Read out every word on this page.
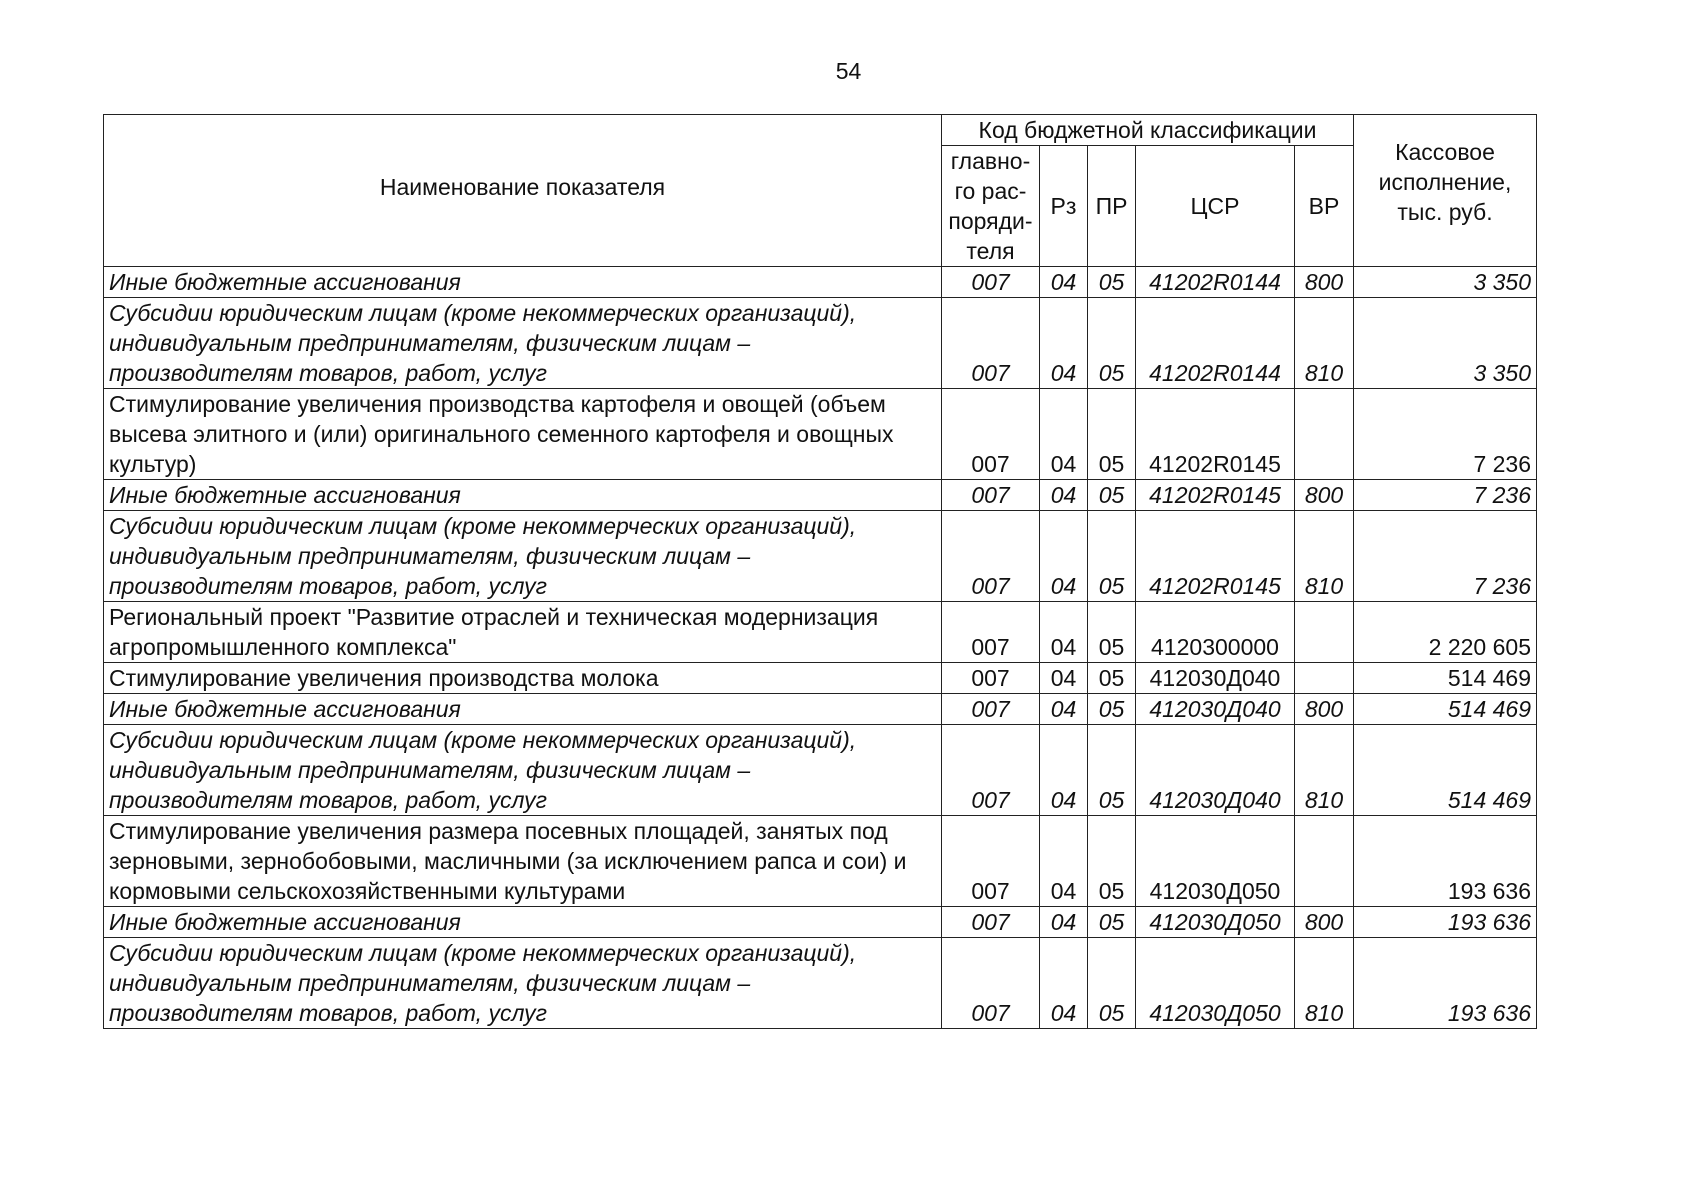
54
Наименование показателя	Код бюджетной классификации					Кассовое исполнение, тыс. руб.
	главно-го рас-поряди-теля	Рз	ПР	ЦСР	ВР	
Иные бюджетные ассигнования	007	04	05	41202R0144	800	3 350
Субсидии юридическим лицам (кроме некоммерческих организаций), индивидуальным предпринимателям, физическим лицам – производителям товаров, работ, услуг	007	04	05	41202R0144	810	3 350
Стимулирование увеличения производства картофеля и овощей (объем высева элитного и (или) оригинального семенного картофеля и овощных культур)	007	04	05	41202R0145		7 236
Иные бюджетные ассигнования	007	04	05	41202R0145	800	7 236
Субсидии юридическим лицам (кроме некоммерческих организаций), индивидуальным предпринимателям, физическим лицам – производителям товаров, работ, услуг	007	04	05	41202R0145	810	7 236
Региональный проект "Развитие отраслей и техническая модернизация агропромышленного комплекса"	007	04	05	4120300000		2 220 605
Стимулирование увеличения производства молока	007	04	05	412030Д040		514 469
Иные бюджетные ассигнования	007	04	05	412030Д040	800	514 469
Субсидии юридическим лицам (кроме некоммерческих организаций), индивидуальным предпринимателям, физическим лицам – производителям товаров, работ, услуг	007	04	05	412030Д040	810	514 469
Стимулирование увеличения размера посевных площадей, занятых под зерновыми, зернобобовыми, масличными (за исключением рапса и сои) и кормовыми сельскохозяйственными культурами	007	04	05	412030Д050		193 636
Иные бюджетные ассигнования	007	04	05	412030Д050	800	193 636
Субсидии юридическим лицам (кроме некоммерческих организаций), индивидуальным предпринимателям, физическим лицам – производителям товаров, работ, услуг	007	04	05	412030Д050	810	193 636
